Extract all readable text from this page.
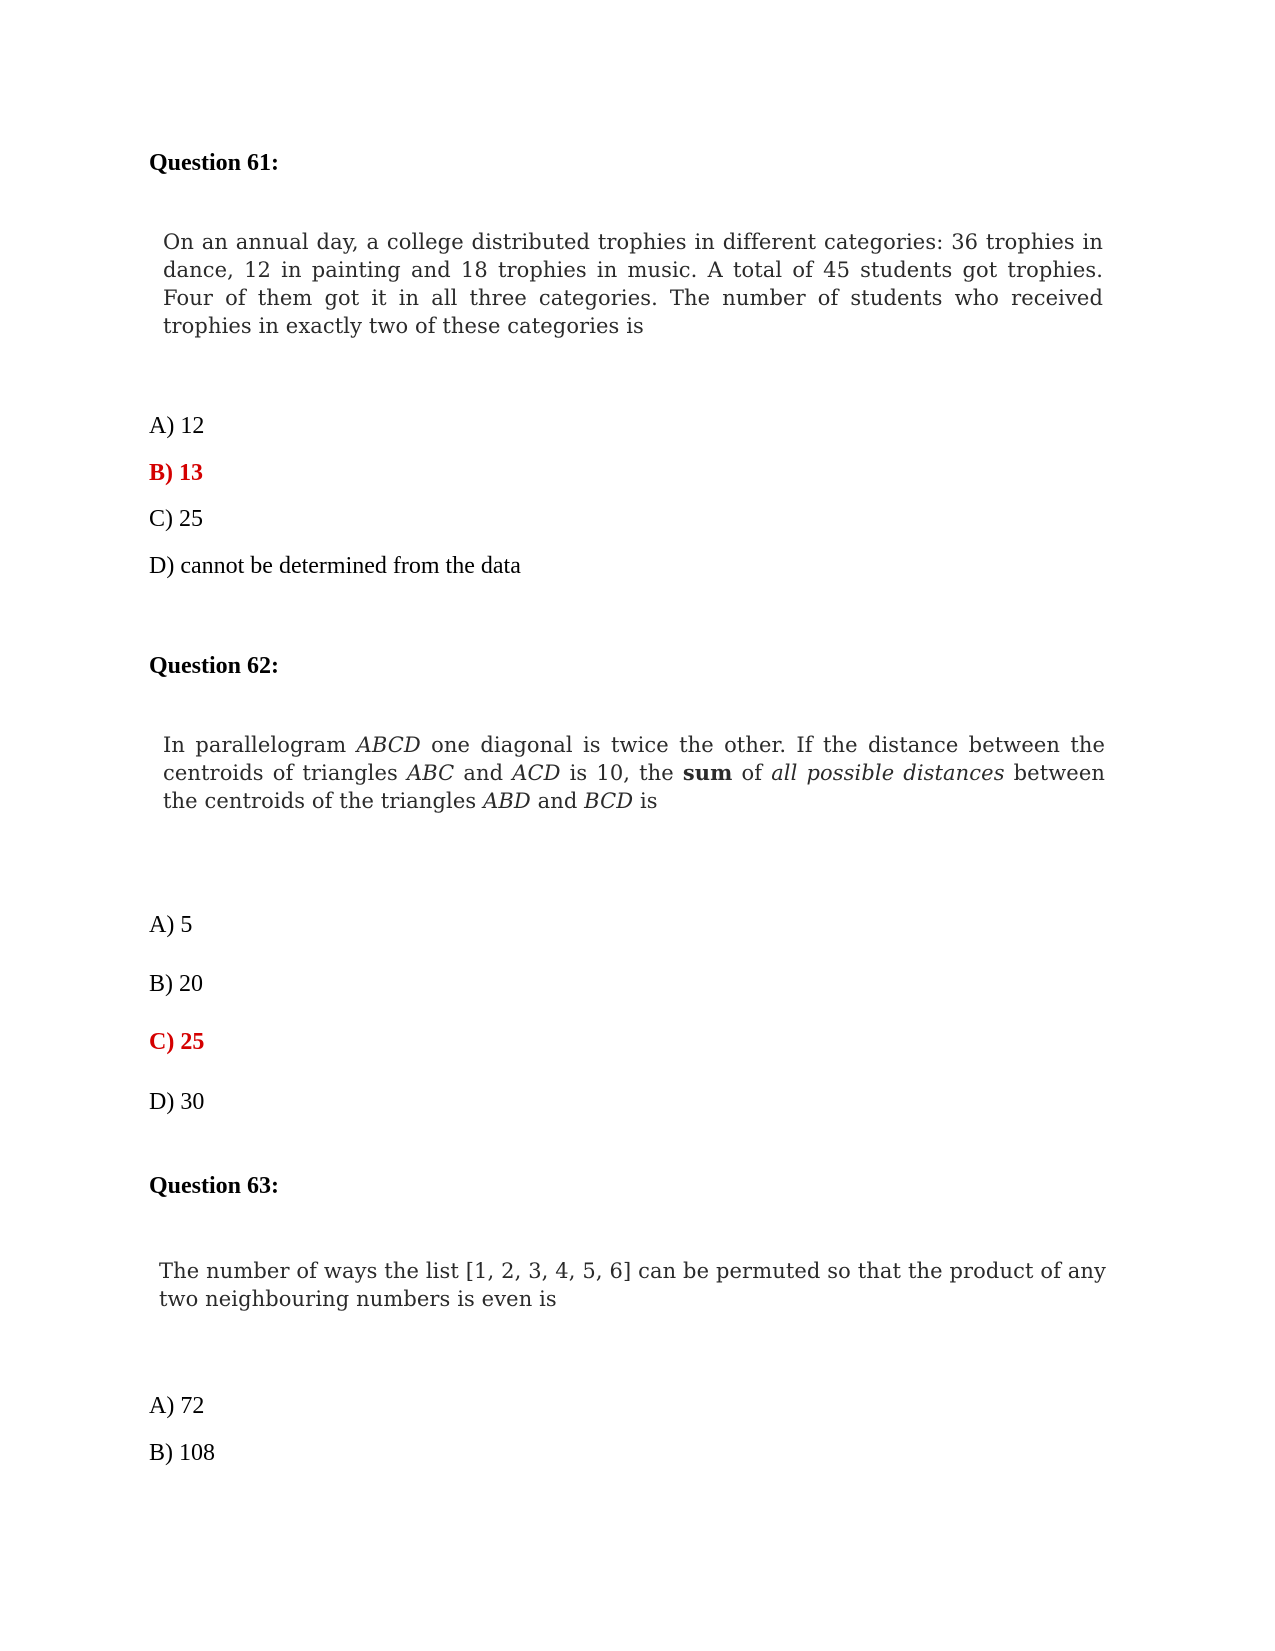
Question 61:

On an annual day, a college distributed trophies in different categories: 36 trophies in dance, 12 in painting and 18 trophies in music. A total of 45 students got trophies. Four of them got it in all three categories. The number of students who received trophies in exactly two of these categories is

A) 12

B) 13

C) 25

D) cannot be determined from the data

Question 62:

In parallelogram ABCD one diagonal is twice the other. If the distance between the centroids of triangles ABC and ACD is 10, the sum of all possible distances between the centroids of the triangles ABD and BCD is

A) 5

B) 20

C) 25

D) 30

Question 63:

The number of ways the list [1, 2, 3, 4, 5, 6] can be permuted so that the product of any two neighbouring numbers is even is

A) 72

B) 108
